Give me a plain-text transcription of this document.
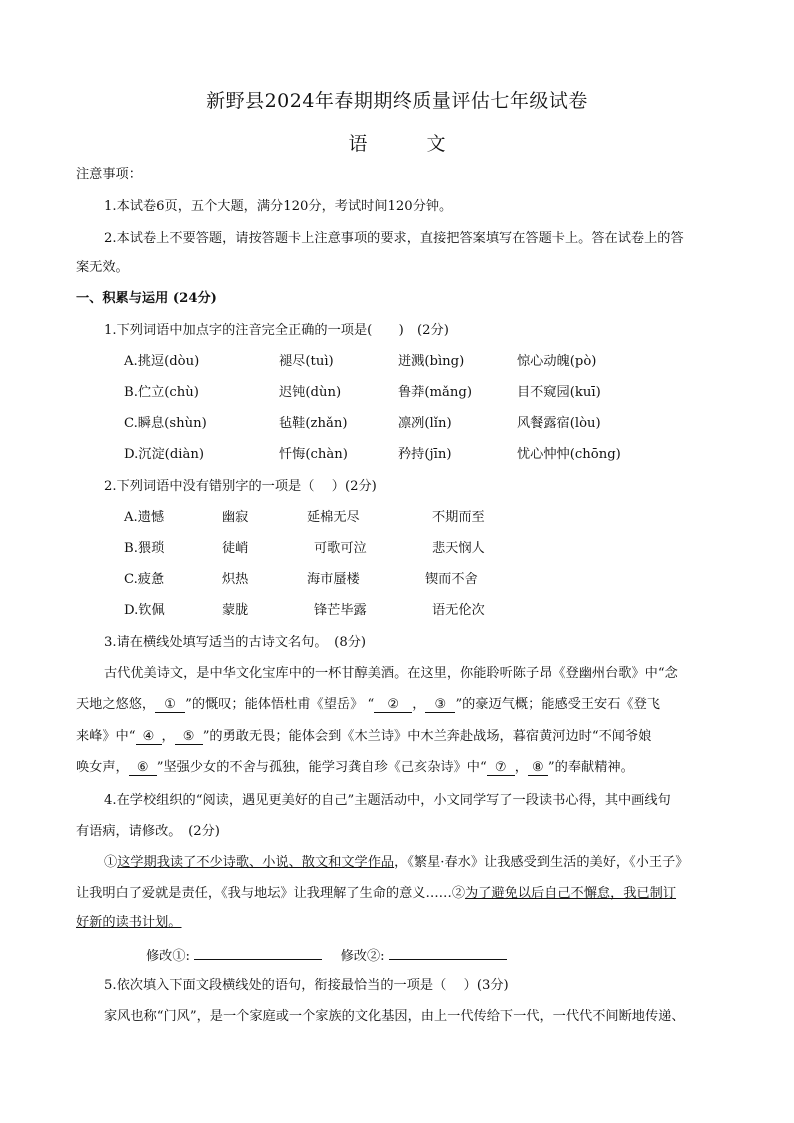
新野县2024年春期期终质量评估七年级试卷
语　文
注意事项：
1.本试卷6页，五个大题，满分120分，考试时间120分钟。
2.本试卷上不要答题，请按答题卡上注意事项的要求，直接把答案填写在答题卡上。答在试卷上的答
案无效。
一、积累与运用 (24分)
1.下列词语中加点字的注音完全正确的一项是(　　)　(2分)
A.挑逗(dòu)	褪尽(tuì)	迸溅(bìng)	惊心动魄(pò)
B.伫立(chù)	迟钝(dùn)	鲁莽(mǎng)	目不窥园(kuī)
C.瞬息(shùn)	毡鞋(zhǎn)	凛冽(lǐn)	风餐露宿(lòu)
D.沉淀(diàn)	忏悔(chàn)	矜持(jīn)	忧心忡忡(chōng)
2.下列词语中没有错别字的一项是（　 ）(2分)
A.遗憾	幽寂	延棉无尽	不期而至
B.猥琐	徒峭	可歌可泣	悲天悯人
C.疲惫	炽热	海市蜃楼	锲而不舍
D.钦佩	蒙胧	锋芒毕露	语无伦次
3.请在横线处填写适当的古诗文名句。　(8分)
古代优美诗文，是中华文化宝库中的一杯甘醇美酒。在这里，你能聆听陈子昂《登幽州台歌》中“念
天地之悠悠， ① ”的慨叹；能体悟杜甫《望岳》 “ ② ， ③ ”的豪迈气概；能感受王安石《登飞
来峰》中“ ④ ， ⑤ ”的勇敢无畏；能体会到《木兰诗》中木兰奔赴战场，暮宿黄河边时“不闻爷娘
唤女声， ⑥ ”坚强少女的不舍与孤独，能学习龚自珍《己亥杂诗》中“ ⑦ ， ⑧ ”的奉献精神。
4.在学校组织的“阅读，遇见更美好的自己”主题活动中，小文同学写了一段读书心得，其中画线句
有语病，请修改。　(2分)
①这学期我读了不少诗歌、小说、散文和文学作品，《繁星·春水》让我感受到生活的美好，《小王子》
让我明白了爱就是责任，《我与地坛》让我理解了生命的意义……②为了避免以后自己不懈怠，我已制订
好新的读书计划。
修改①:	修改②:
5.依次填入下面文段横线处的语句，衔接最恰当的一项是（　 ）(3分)
家风也称“门风”，是一个家庭或一个家族的文化基因，由上一代传给下一代，一代代不间断地传递、
